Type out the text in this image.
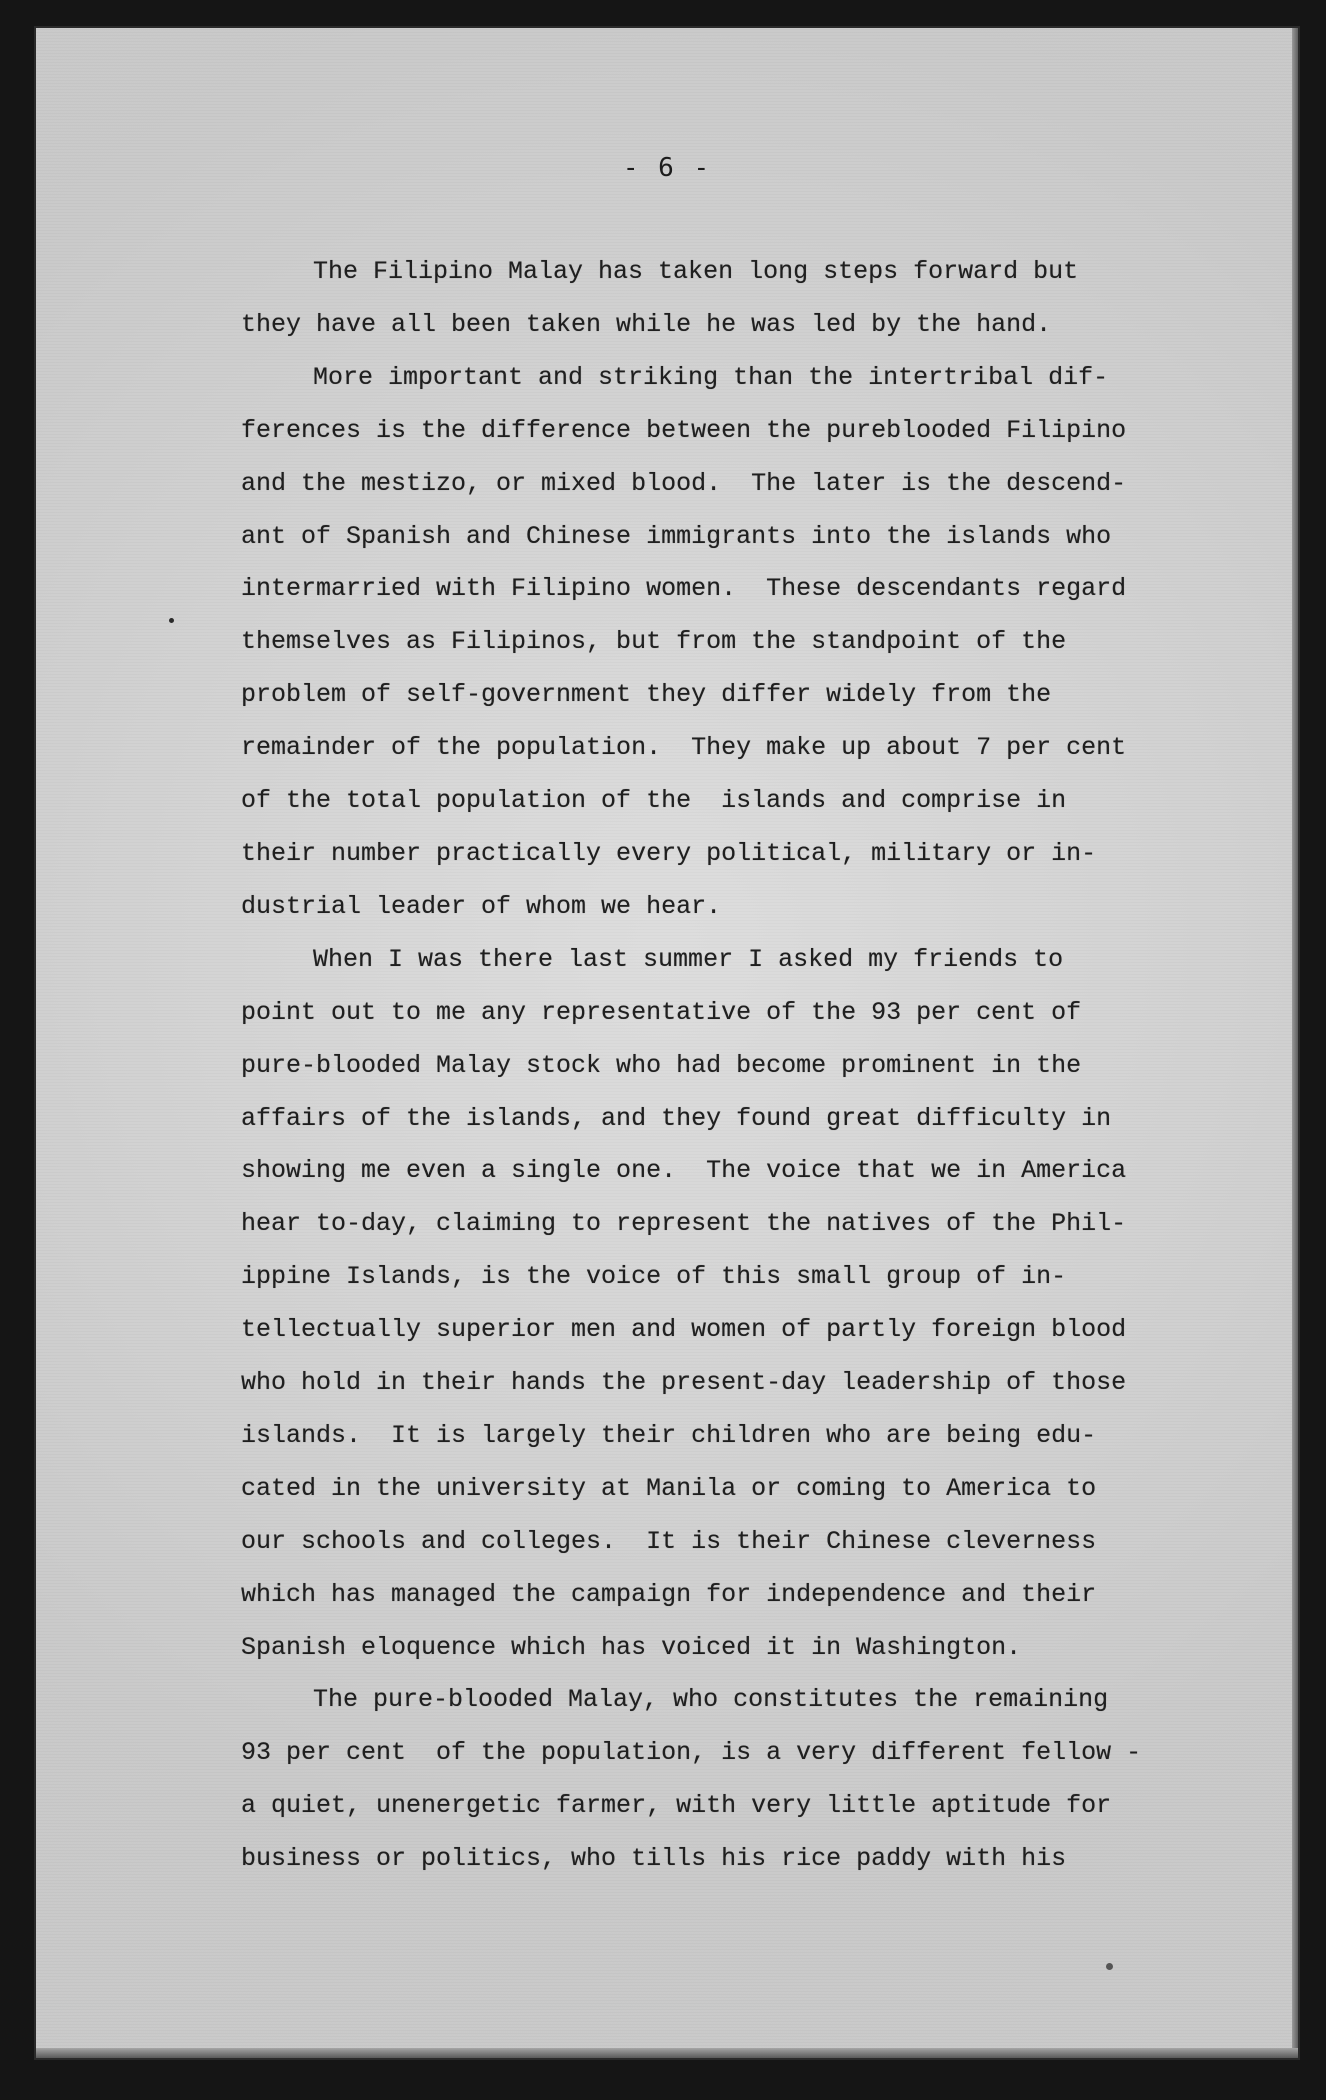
- 6 -
The Filipino Malay has taken long steps forward but
they have all been taken while he was led by the hand.
More important and striking than the intertribal dif-
ferences is the difference between the pureblooded Filipino
and the mestizo, or mixed blood.  The later is the descend-
ant of Spanish and Chinese immigrants into the islands who
intermarried with Filipino women.  These descendants regard
themselves as Filipinos, but from the standpoint of the
problem of self-government they differ widely from the
remainder of the population.  They make up about 7 per cent
of the total population of the  islands and comprise in
their number practically every political, military or in-
dustrial leader of whom we hear.
When I was there last summer I asked my friends to
point out to me any representative of the 93 per cent of
pure-blooded Malay stock who had become prominent in the
affairs of the islands, and they found great difficulty in
showing me even a single one.  The voice that we in America
hear to-day, claiming to represent the natives of the Phil-
ippine Islands, is the voice of this small group of in-
tellectually superior men and women of partly foreign blood
who hold in their hands the present-day leadership of those
islands.  It is largely their children who are being edu-
cated in the university at Manila or coming to America to
our schools and colleges.  It is their Chinese cleverness
which has managed the campaign for independence and their
Spanish eloquence which has voiced it in Washington.
The pure-blooded Malay, who constitutes the remaining
93 per cent  of the population, is a very different fellow -
a quiet, unenergetic farmer, with very little aptitude for
business or politics, who tills his rice paddy with his
